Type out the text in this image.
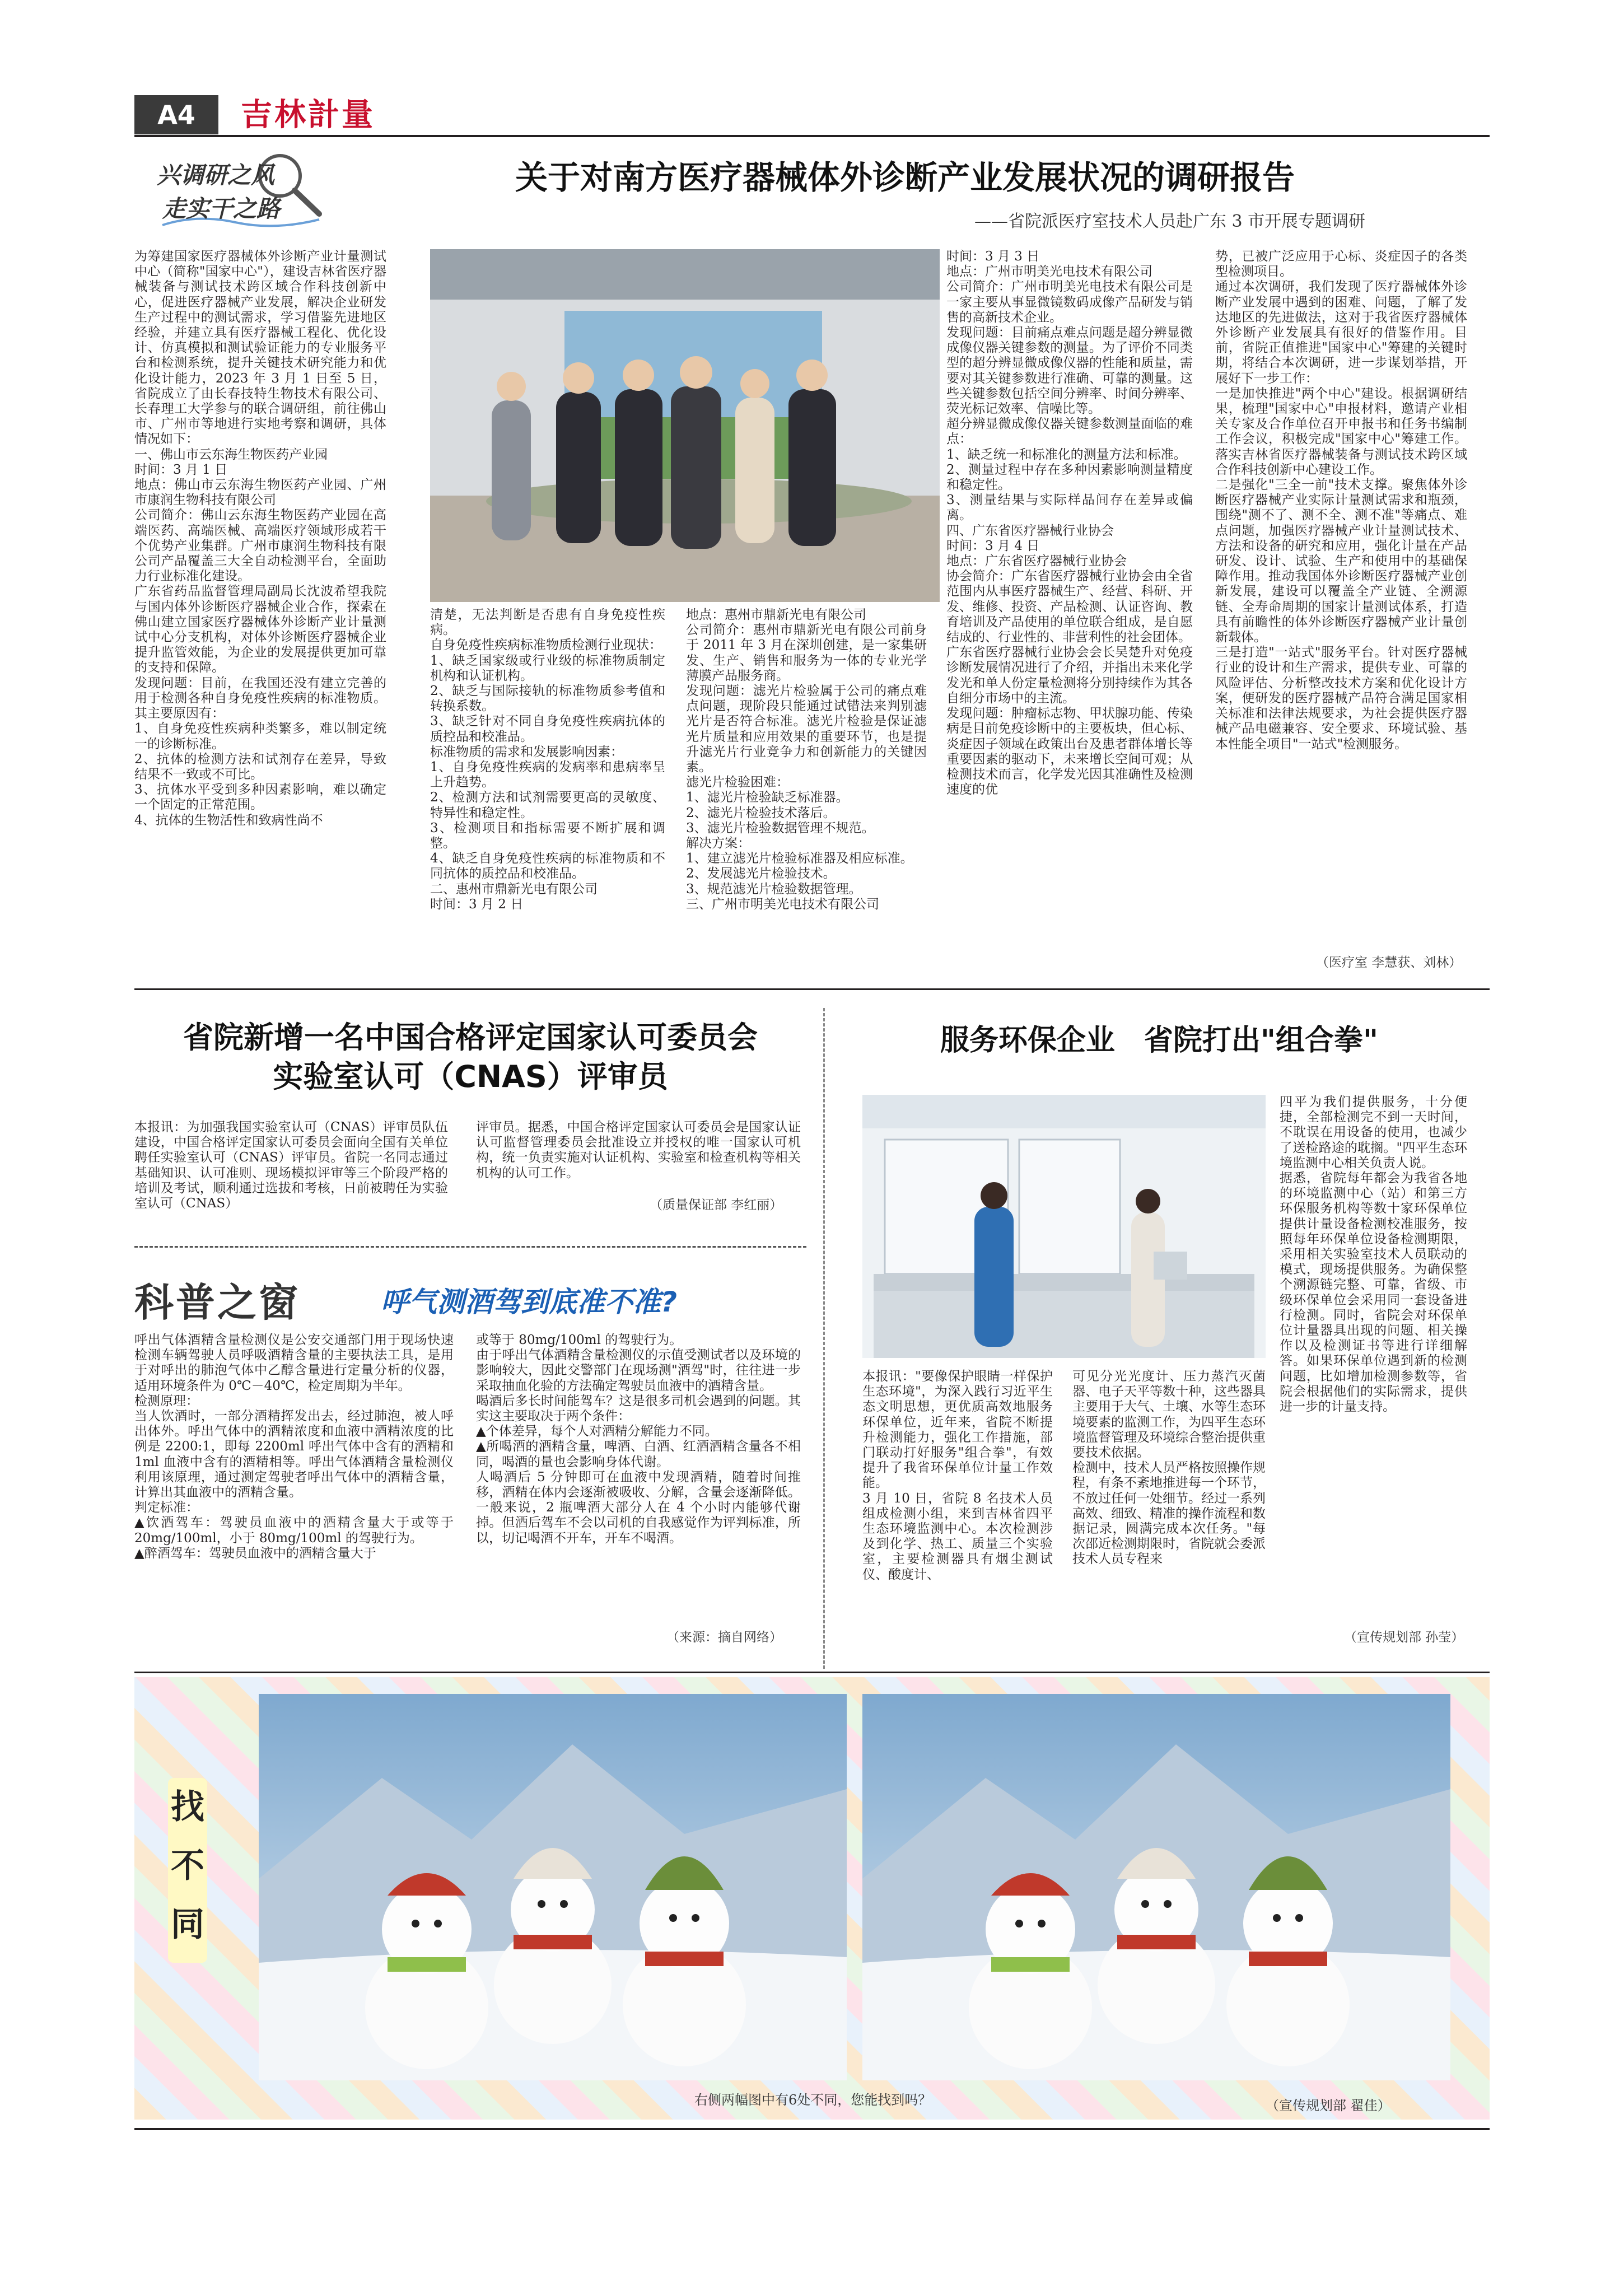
A4	吉林計量
兴调研之风
走实干之路
关于对南方医疗器械体外诊断产业发展状况的调研报告
——省院派医疗室技术人员赴广东 3 市开展专题调研
为筹建国家医疗器械体外诊断产业计量测试中心（简称"国家中心"），建设吉林省医疗器械装备与测试技术跨区域合作科技创新中心，促进医疗器械产业发展，解决企业研发生产过程中的测试需求，学习借鉴先进地区经验，并建立具有医疗器械工程化、优化设计、仿真模拟和测试验证能力的专业服务平台和检测系统，提升关键技术研究能力和优化设计能力，2023 年 3 月 1 日至 5 日，省院成立了由长春技特生物技术有限公司、长春理工大学参与的联合调研组，前往佛山市、广州市等地进行实地考察和调研，具体情况如下：
一、佛山市云东海生物医药产业园
时间：3 月 1 日
地点：佛山市云东海生物医药产业园、广州市康润生物科技有限公司
公司简介：佛山云东海生物医药产业园在高端医药、高端医械、高端医疗领域形成若干个优势产业集群。广州市康润生物科技有限公司产品覆盖三大全自动检测平台，全面助力行业标准化建设。
广东省药品监督管理局副局长沈波希望我院与国内体外诊断医疗器械企业合作，探索在佛山建立国家医疗器械体外诊断产业计量测试中心分支机构，对体外诊断医疗器械企业提升监管效能，为企业的发展提供更加可靠的支持和保障。
发现问题：目前，在我国还没有建立完善的用于检测各种自身免疫性疾病的标准物质。其主要原因有：
1、自身免疫性疾病种类繁多，难以制定统一的诊断标准。
2、抗体的检测方法和试剂存在差异，导致结果不一致或不可比。
3、抗体水平受到多种因素影响，难以确定一个固定的正常范围。
4、抗体的生物活性和致病性尚不
清楚，无法判断是否患有自身免疫性疾病。
自身免疫性疾病标准物质检测行业现状：
1、缺乏国家级或行业级的标准物质制定机构和认证机构。
2、缺乏与国际接轨的标准物质参考值和转换系数。
3、缺乏针对不同自身免疫性疾病抗体的质控品和校准品。
标准物质的需求和发展影响因素：
1、自身免疫性疾病的发病率和患病率呈上升趋势。
2、检测方法和试剂需要更高的灵敏度、特异性和稳定性。
3、检测项目和指标需要不断扩展和调整。
4、缺乏自身免疫性疾病的标准物质和不同抗体的质控品和校准品。
二、惠州市鼎新光电有限公司
时间：3 月 2 日
地点：惠州市鼎新光电有限公司
公司简介：惠州市鼎新光电有限公司前身于 2011 年 3 月在深圳创建，是一家集研发、生产、销售和服务为一体的专业光学薄膜产品服务商。
发现问题：滤光片检验属于公司的痛点难点问题，现阶段只能通过试错法来判别滤光片是否符合标准。滤光片检验是保证滤光片质量和应用效果的重要环节，也是提升滤光片行业竞争力和创新能力的关键因素。
滤光片检验困难：
1、滤光片检验缺乏标准器。
2、滤光片检验技术落后。
3、滤光片检验数据管理不规范。
解决方案：
1、建立滤光片检验标准器及相应标准。
2、发展滤光片检验技术。
3、规范滤光片检验数据管理。
三、广州市明美光电技术有限公司
时间：3 月 3 日
地点：广州市明美光电技术有限公司
公司简介：广州市明美光电技术有限公司是一家主要从事显微镜数码成像产品研发与销售的高新技术企业。
发现问题：目前痛点难点问题是超分辨显微成像仪器关键参数的测量。为了评价不同类型的超分辨显微成像仪器的性能和质量，需要对其关键参数进行准确、可靠的测量。这些关键参数包括空间分辨率、时间分辨率、荧光标记效率、信噪比等。
超分辨显微成像仪器关键参数测量面临的难点：
1、缺乏统一和标准化的测量方法和标准。
2、测量过程中存在多种因素影响测量精度和稳定性。
3、测量结果与实际样品间存在差异或偏离。
四、广东省医疗器械行业协会
时间：3 月 4 日
地点：广东省医疗器械行业协会
协会简介：广东省医疗器械行业协会由全省范围内从事医疗器械生产、经营、科研、开发、维修、投资、产品检测、认证咨询、教育培训及产品使用的单位联合组成，是自愿结成的、行业性的、非营利性的社会团体。
广东省医疗器械行业协会会长吴楚升对免疫诊断发展情况进行了介绍，并指出未来化学发光和单人份定量检测将分别持续作为其各自细分市场中的主流。
发现问题：肿瘤标志物、甲状腺功能、传染病是目前免疫诊断中的主要板块，但心标、炎症因子领域在政策出台及患者群体增长等重要因素的驱动下，未来增长空间可观；从检测技术而言，化学发光因其准确性及检测速度的优
势，已被广泛应用于心标、炎症因子的各类型检测项目。
通过本次调研，我们发现了医疗器械体外诊断产业发展中遇到的困难、问题，了解了发达地区的先进做法，这对于我省医疗器械体外诊断产业发展具有很好的借鉴作用。目前，省院正值推进"国家中心"筹建的关键时期，将结合本次调研，进一步谋划举措，开展好下一步工作：
一是加快推进"两个中心"建设。根据调研结果，梳理"国家中心"申报材料，邀请产业相关专家及合作单位召开申报书和任务书编制工作会议，积极完成"国家中心"筹建工作。落实吉林省医疗器械装备与测试技术跨区域合作科技创新中心建设工作。
二是强化"三全一前"技术支撑。聚焦体外诊断医疗器械产业实际计量测试需求和瓶颈，围绕"测不了、测不全、测不准"等痛点、难点问题，加强医疗器械产业计量测试技术、方法和设备的研究和应用，强化计量在产品研发、设计、试验、生产和使用中的基础保障作用。推动我国体外诊断医疗器械产业创新发展，建设可以覆盖全产业链、全溯源链、全寿命周期的国家计量测试体系，打造具有前瞻性的体外诊断医疗器械产业计量创新载体。
三是打造"一站式"服务平台。针对医疗器械行业的设计和生产需求，提供专业、可靠的风险评估、分析整改技术方案和优化设计方案，便研发的医疗器械产品符合满足国家相关标准和法律法规要求，为社会提供医疗器械产品电磁兼容、安全要求、环境试验、基本性能全项目"一站式"检测服务。
（医疗室 李慧获、刘林）
省院新增一名中国合格评定国家认可委员会
实验室认可（CNAS）评审员
本报讯：为加强我国实验室认可（CNAS）评审员队伍建设，中国合格评定国家认可委员会面向全国有关单位聘任实验室认可（CNAS）评审员。省院一名同志通过基础知识、认可准则、现场模拟评审等三个阶段严格的培训及考试，顺利通过选拔和考核，日前被聘任为实验室认可（CNAS）
评审员。据悉，中国合格评定国家认可委员会是国家认证认可监督管理委员会批准设立并授权的唯一国家认可机构，统一负责实施对认证机构、实验室和检查机构等相关机构的认可工作。
（质量保证部 李红丽）
科普之窗	呼气测酒驾到底准不准?
呼出气体酒精含量检测仪是公安交通部门用于现场快速检测车辆驾驶人员呼吸酒精含量的主要执法工具，是用于对呼出的肺泡气体中乙醇含量进行定量分析的仪器，适用环境条件为 0℃－40℃，检定周期为半年。
检测原理：
当人饮酒时，一部分酒精挥发出去，经过肺泡，被人呼出体外。呼出气体中的酒精浓度和血液中酒精浓度的比例是 2200:1，即每 2200ml 呼出气体中含有的酒精和 1ml 血液中含有的酒精相等。呼出气体酒精含量检测仪利用该原理，通过测定驾驶者呼出气体中的酒精含量，计算出其血液中的酒精含量。
判定标准：
▲饮酒驾车：驾驶员血液中的酒精含量大于或等于 20mg/100ml，小于 80mg/100ml 的驾驶行为。
▲醉酒驾车：驾驶员血液中的酒精含量大于
或等于 80mg/100ml 的驾驶行为。
由于呼出气体酒精含量检测仪的示值受测试者以及环境的影响较大，因此交警部门在现场测"酒驾"时，往往进一步采取抽血化验的方法确定驾驶员血液中的酒精含量。
喝酒后多长时间能驾车？这是很多司机会遇到的问题。其实这主要取决于两个条件：
▲个体差异，每个人对酒精分解能力不同。
▲所喝酒的酒精含量，啤酒、白酒、红酒酒精含量各不相同，喝酒的量也会影响身体代谢。
人喝酒后 5 分钟即可在血液中发现酒精，随着时间推移，酒精在体内会逐渐被吸收、分解，含量会逐渐降低。一般来说，2 瓶啤酒大部分人在 4 个小时内能够代谢掉。但酒后驾车不会以司机的自我感觉作为评判标准，所以，切记喝酒不开车，开车不喝酒。
（来源：摘自网络）
服务环保企业　省院打出"组合拳"
四平为我们提供服务，十分便捷，全部检测完不到一天时间，不耽误在用设备的使用，也减少了送检路途的耽搁。"四平生态环境监测中心相关负责人说。
据悉，省院每年都会为我省各地的环境监测中心（站）和第三方环保服务机构等数十家环保单位提供计量设备检测校准服务，按照每年环保单位设备检测期限，采用相关实验室技术人员联动的模式，现场提供服务。为确保整个溯源链完整、可靠，省级、市级环保单位会采用同一套设备进行检测。同时，省院会对环保单位计量器具出现的问题、相关操作以及检测证书等进行详细解答。如果环保单位遇到新的检测问题，比如增加检测参数等，省院会根据他们的实际需求，提供进一步的计量支持。
本报讯："要像保护眼睛一样保护生态环境"，为深入践行习近平生态文明思想，更优质高效地服务环保单位，近年来，省院不断提升检测能力，强化工作措施，部门联动打好服务"组合拳"，有效提升了我省环保单位计量工作效能。
3 月 10 日，省院 8 名技术人员组成检测小组，来到吉林省四平生态环境监测中心。本次检测涉及到化学、热工、质量三个实验室，主要检测器具有烟尘测试仪、酸度计、
可见分光光度计、压力蒸汽灭菌器、电子天平等数十种，这些器具主要用于大气、土壤、水等生态环境要素的监测工作，为四平生态环境监督管理及环境综合整治提供重要技术依据。
检测中，技术人员严格按照操作规程，有条不紊地推进每一个环节，不放过任何一处细节。经过一系列高效、细致、精准的操作流程和数据记录，圆满完成本次任务。"每次邵近检测期限时，省院就会委派技术人员专程来
（宣传规划部 孙莹）
找
不
同
右侧两幅图中有6处不同，您能找到吗？	（宣传规划部 翟佳）
